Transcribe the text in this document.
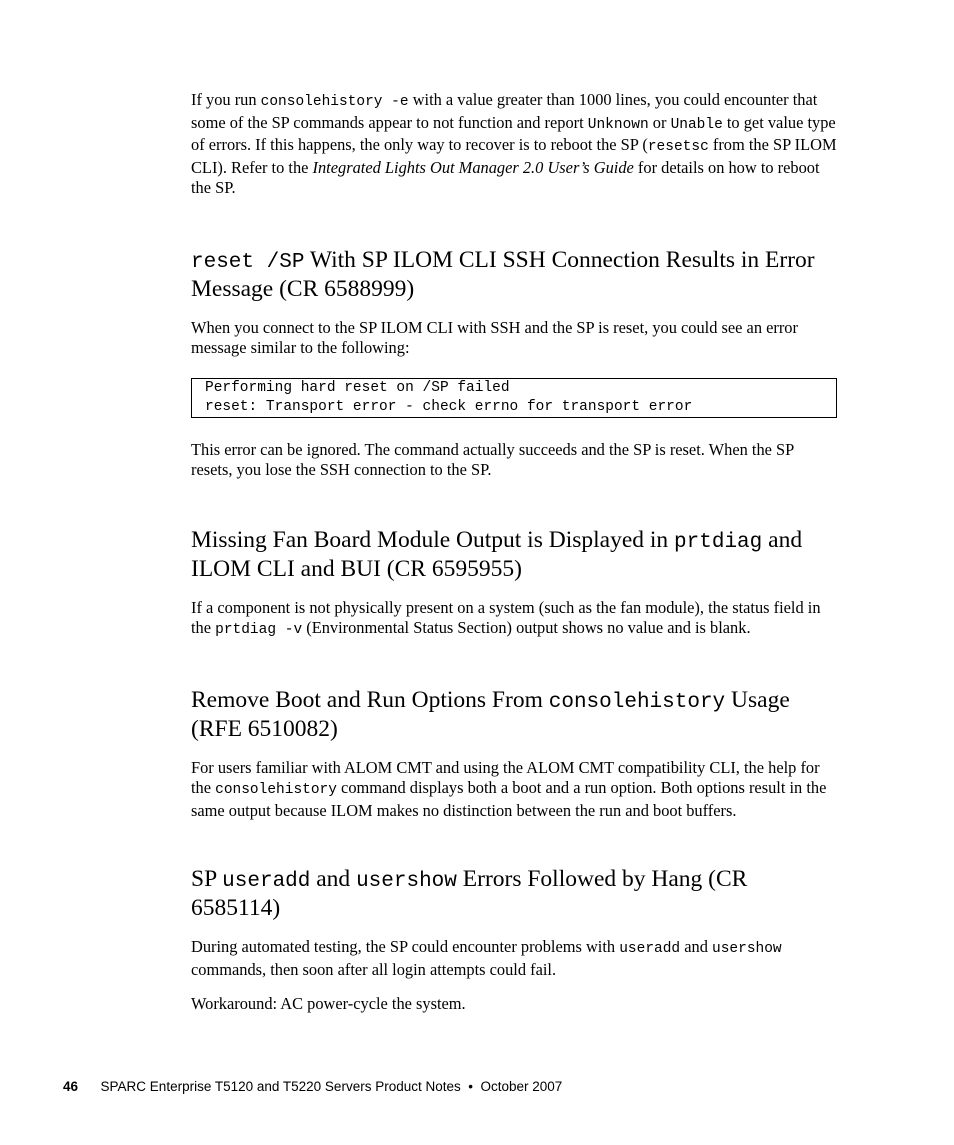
If you run consolehistory -e with a value greater than 1000 lines, you could encounter that some of the SP commands appear to not function and report Unknown or Unable to get value type of errors. If this happens, the only way to recover is to reboot the SP (resetsc from the SP ILOM CLI). Refer to the Integrated Lights Out Manager 2.0 User’s Guide for details on how to reboot the SP.

reset /SP With SP ILOM CLI SSH Connection Results in Error Message (CR 6588999)

When you connect to the SP ILOM CLI with SSH and the SP is reset, you could see an error message similar to the following:

Performing hard reset on /SP failed
reset: Transport error - check errno for transport error

This error can be ignored. The command actually succeeds and the SP is reset. When the SP resets, you lose the SSH connection to the SP.

Missing Fan Board Module Output is Displayed in prtdiag and ILOM CLI and BUI (CR 6595955)

If a component is not physically present on a system (such as the fan module), the status field in the prtdiag -v (Environmental Status Section) output shows no value and is blank.

Remove Boot and Run Options From consolehistory Usage (RFE 6510082)

For users familiar with ALOM CMT and using the ALOM CMT compatibility CLI, the help for the consolehistory command displays both a boot and a run option. Both options result in the same output because ILOM makes no distinction between the run and boot buffers.

SP useradd and usershow Errors Followed by Hang (CR 6585114)

During automated testing, the SP could encounter problems with useradd and usershow commands, then soon after all login attempts could fail.

Workaround: AC power-cycle the system.

46 SPARC Enterprise T5120 and T5220 Servers Product Notes • October 2007
